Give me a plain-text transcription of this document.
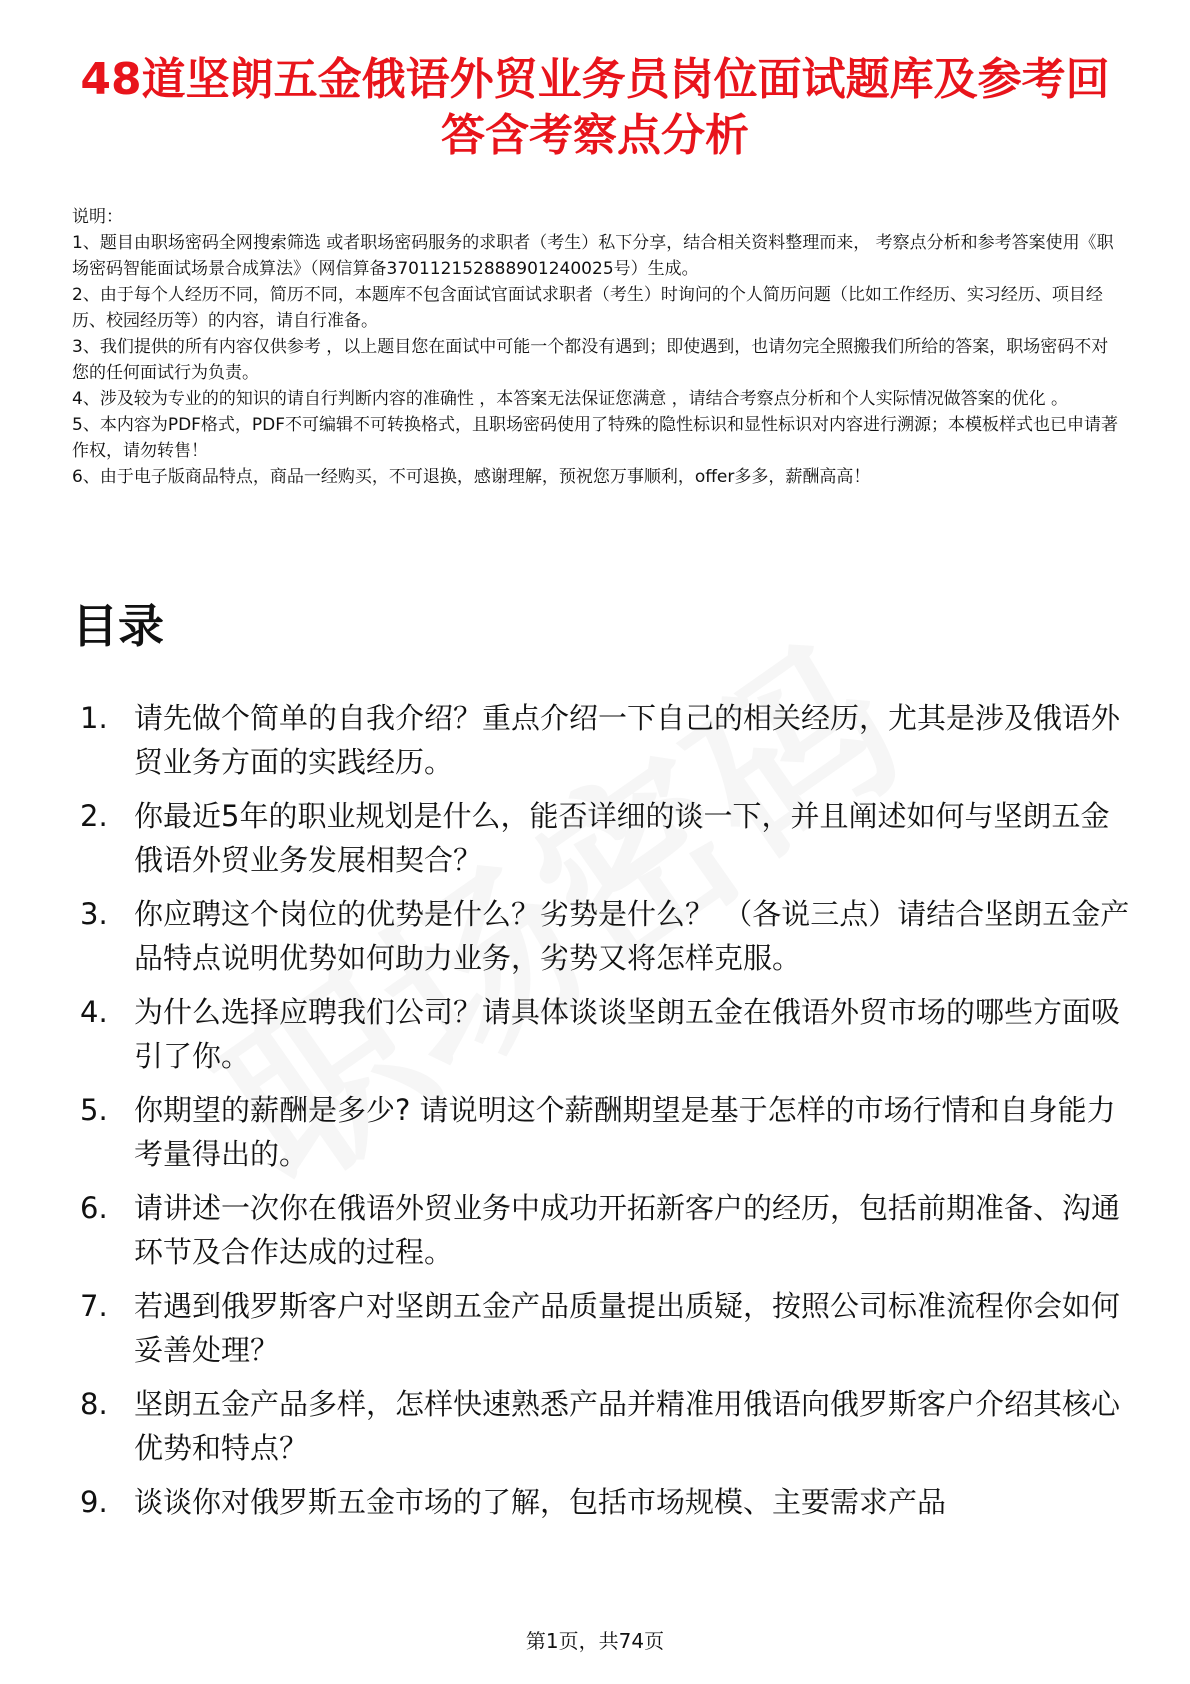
48道坚朗五金俄语外贸业务员岗位面试题库及参考回答含考察点分析

说明：

1、题目由职场密码全网搜索筛选 或者职场密码服务的求职者（考生）私下分享，结合相关资料整理而来， 考察点分析和参考答案使用《职场密码智能面试场景合成算法》（网信算备370112152888901240025号）生成。

2、由于每个人经历不同，简历不同，本题库不包含面试官面试求职者（考生）时询问的个人简历问题（比如工作经历、实习经历、项目经历、校园经历等）的内容，请自行准备。

3、我们提供的所有内容仅供参考 ，以上题目您在面试中可能一个都没有遇到；即使遇到，也请勿完全照搬我们所给的答案，职场密码不对您的任何面试行为负责。

4、涉及较为专业的的知识的请自行判断内容的准确性 ，本答案无法保证您满意 ，请结合考察点分析和个人实际情况做答案的优化 。

5、本内容为PDF格式，PDF不可编辑不可转换格式，且职场密码使用了特殊的隐性标识和显性标识对内容进行溯源；本模板样式也已申请著作权，请勿转售！

6、由于电子版商品特点，商品一经购买，不可退换，感谢理解，预祝您万事顺利，offer多多，薪酬高高！

目录
1. 请先做个简单的自我介绍？重点介绍一下自己的相关经历，尤其是涉及俄语外贸业务方面的实践经历。
2. 你最近5年的职业规划是什么，能否详细的谈一下，并且阐述如何与坚朗五金俄语外贸业务发展相契合？
3. 你应聘这个岗位的优势是什么？劣势是什么？ （各说三点）请结合坚朗五金产品特点说明优势如何助力业务，劣势又将怎样克服。
4. 为什么选择应聘我们公司？请具体谈谈坚朗五金在俄语外贸市场的哪些方面吸引了你。
5. 你期望的薪酬是多少? 请说明这个薪酬期望是基于怎样的市场行情和自身能力考量得出的。
6. 请讲述一次你在俄语外贸业务中成功开拓新客户的经历，包括前期准备、沟通环节及合作达成的过程。
7. 若遇到俄罗斯客户对坚朗五金产品质量提出质疑，按照公司标准流程你会如何妥善处理？
8. 坚朗五金产品多样，怎样快速熟悉产品并精准用俄语向俄罗斯客户介绍其核心优势和特点？
9. 谈谈你对俄罗斯五金市场的了解，包括市场规模、主要需求产品
第1页，共74页
